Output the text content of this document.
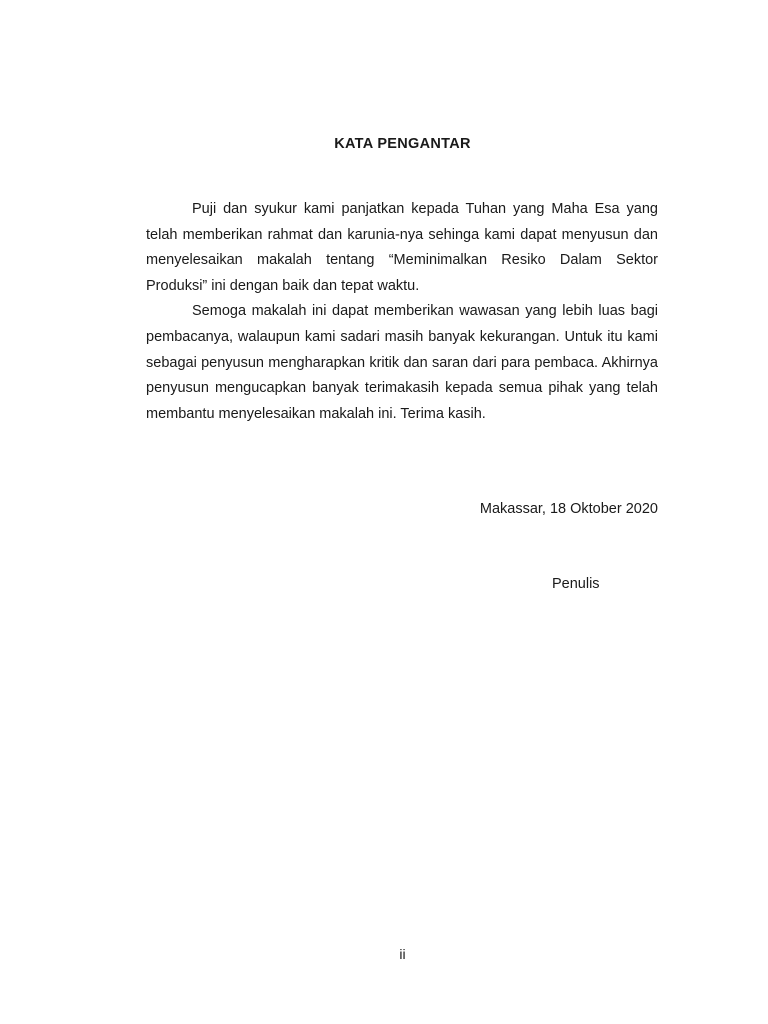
KATA PENGANTAR

Puji dan syukur kami panjatkan kepada Tuhan yang Maha Esa yang telah memberikan rahmat dan karunia-nya sehinga kami dapat menyusun dan menyelesaikan makalah tentang “Meminimalkan Resiko Dalam Sektor Produksi” ini dengan baik dan tepat waktu.

Semoga makalah ini dapat memberikan wawasan yang lebih luas bagi pembacanya, walaupun kami sadari masih banyak kekurangan. Untuk itu kami sebagai penyusun mengharapkan kritik dan saran dari para pembaca. Akhirnya penyusun mengucapkan banyak terimakasih kepada semua pihak yang telah membantu menyelesaikan makalah ini. Terima kasih.

Makassar, 18 Oktober 2020
Penulis
ii
